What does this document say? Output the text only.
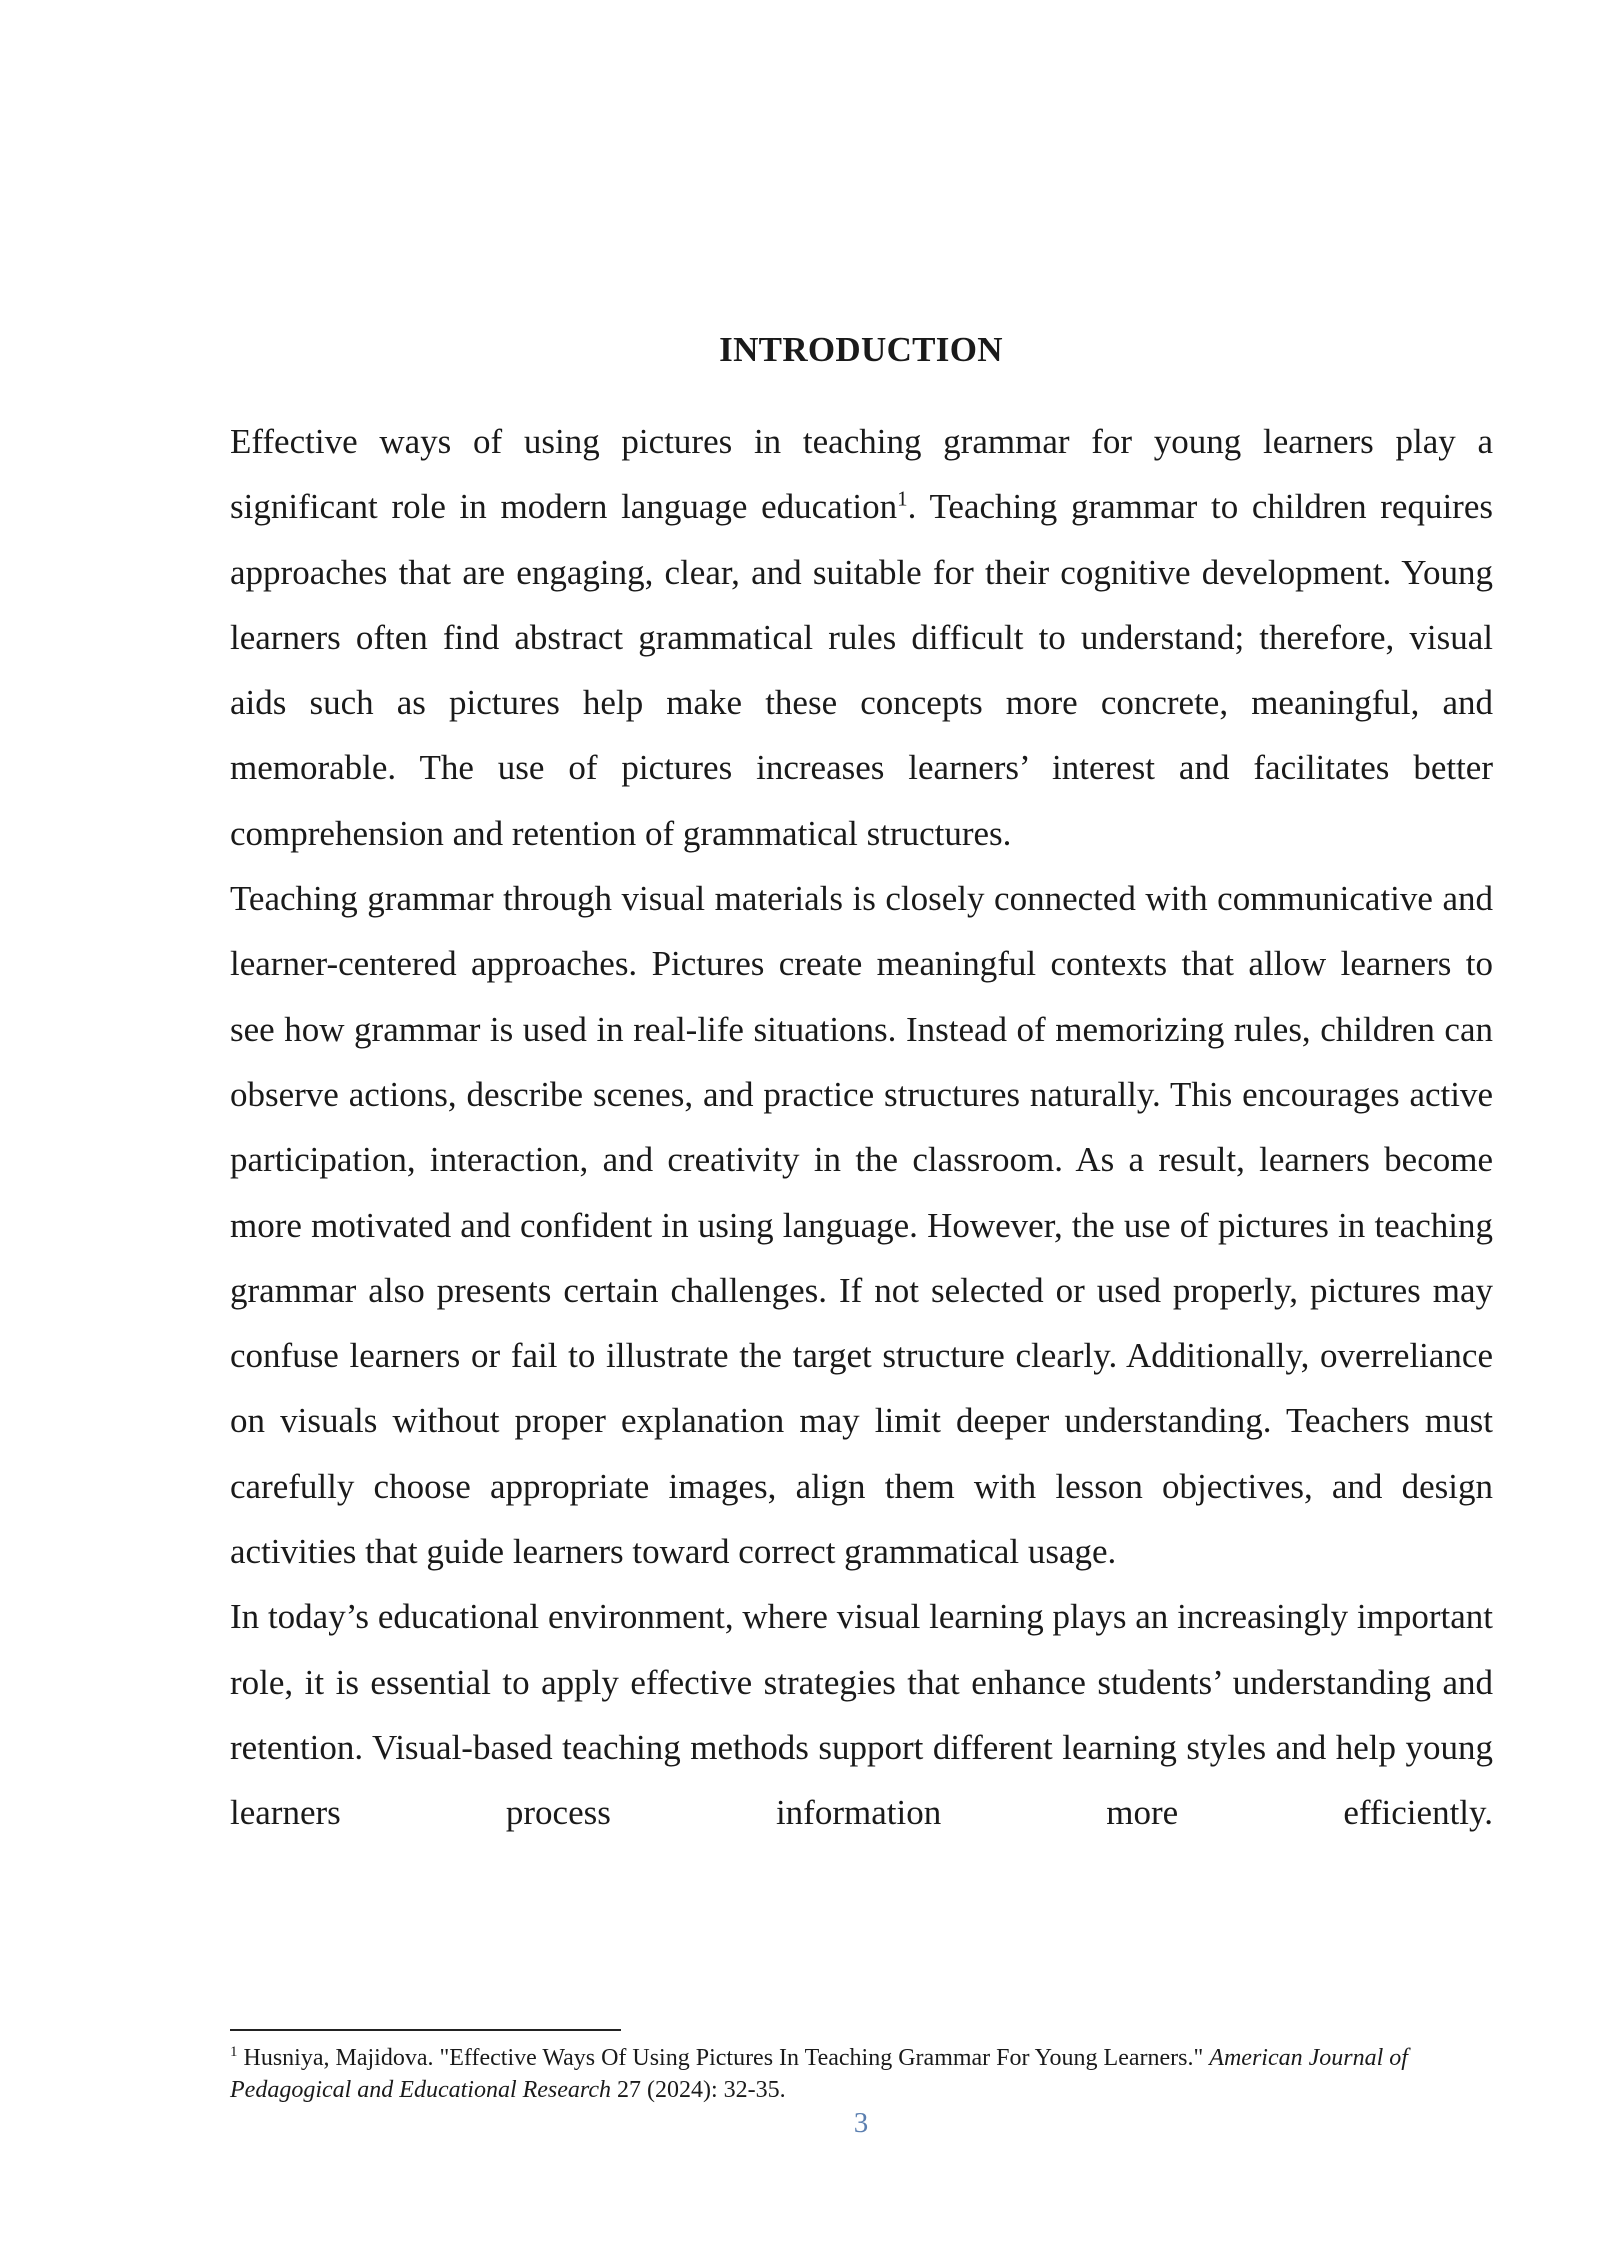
INTRODUCTION

Effective ways of using pictures in teaching grammar for young learners play a significant role in modern language education$^1$. Teaching grammar to children requires approaches that are engaging, clear, and suitable for their cognitive development. Young learners often find abstract grammatical rules difficult to understand; therefore, visual aids such as pictures help make these concepts more concrete, meaningful, and memorable. The use of pictures increases learners’ interest and facilitates better comprehension and retention of grammatical structures.

Teaching grammar through visual materials is closely connected with communicative and learner-centered approaches. Pictures create meaningful contexts that allow learners to see how grammar is used in real-life situations. Instead of memorizing rules, children can observe actions, describe scenes, and practice structures naturally. This encourages active participation, interaction, and creativity in the classroom. As a result, learners become more motivated and confident in using language. However, the use of pictures in teaching grammar also presents certain challenges. If not selected or used properly, pictures may confuse learners or fail to illustrate the target structure clearly. Additionally, overreliance on visuals without proper explanation may limit deeper understanding. Teachers must carefully choose appropriate images, align them with lesson objectives, and design activities that guide learners toward correct grammatical usage.

In today’s educational environment, where visual learning plays an increasingly important role, it is essential to apply effective strategies that enhance students’ understanding and retention. Visual-based teaching methods support different learning styles and help young learners process information more efficiently.

$^1$ Husniya, Majidova. "Effective Ways Of Using Pictures In Teaching Grammar For Young Learners." American Journal of Pedagogical and Educational Research 27 (2024): 32-35.
3
